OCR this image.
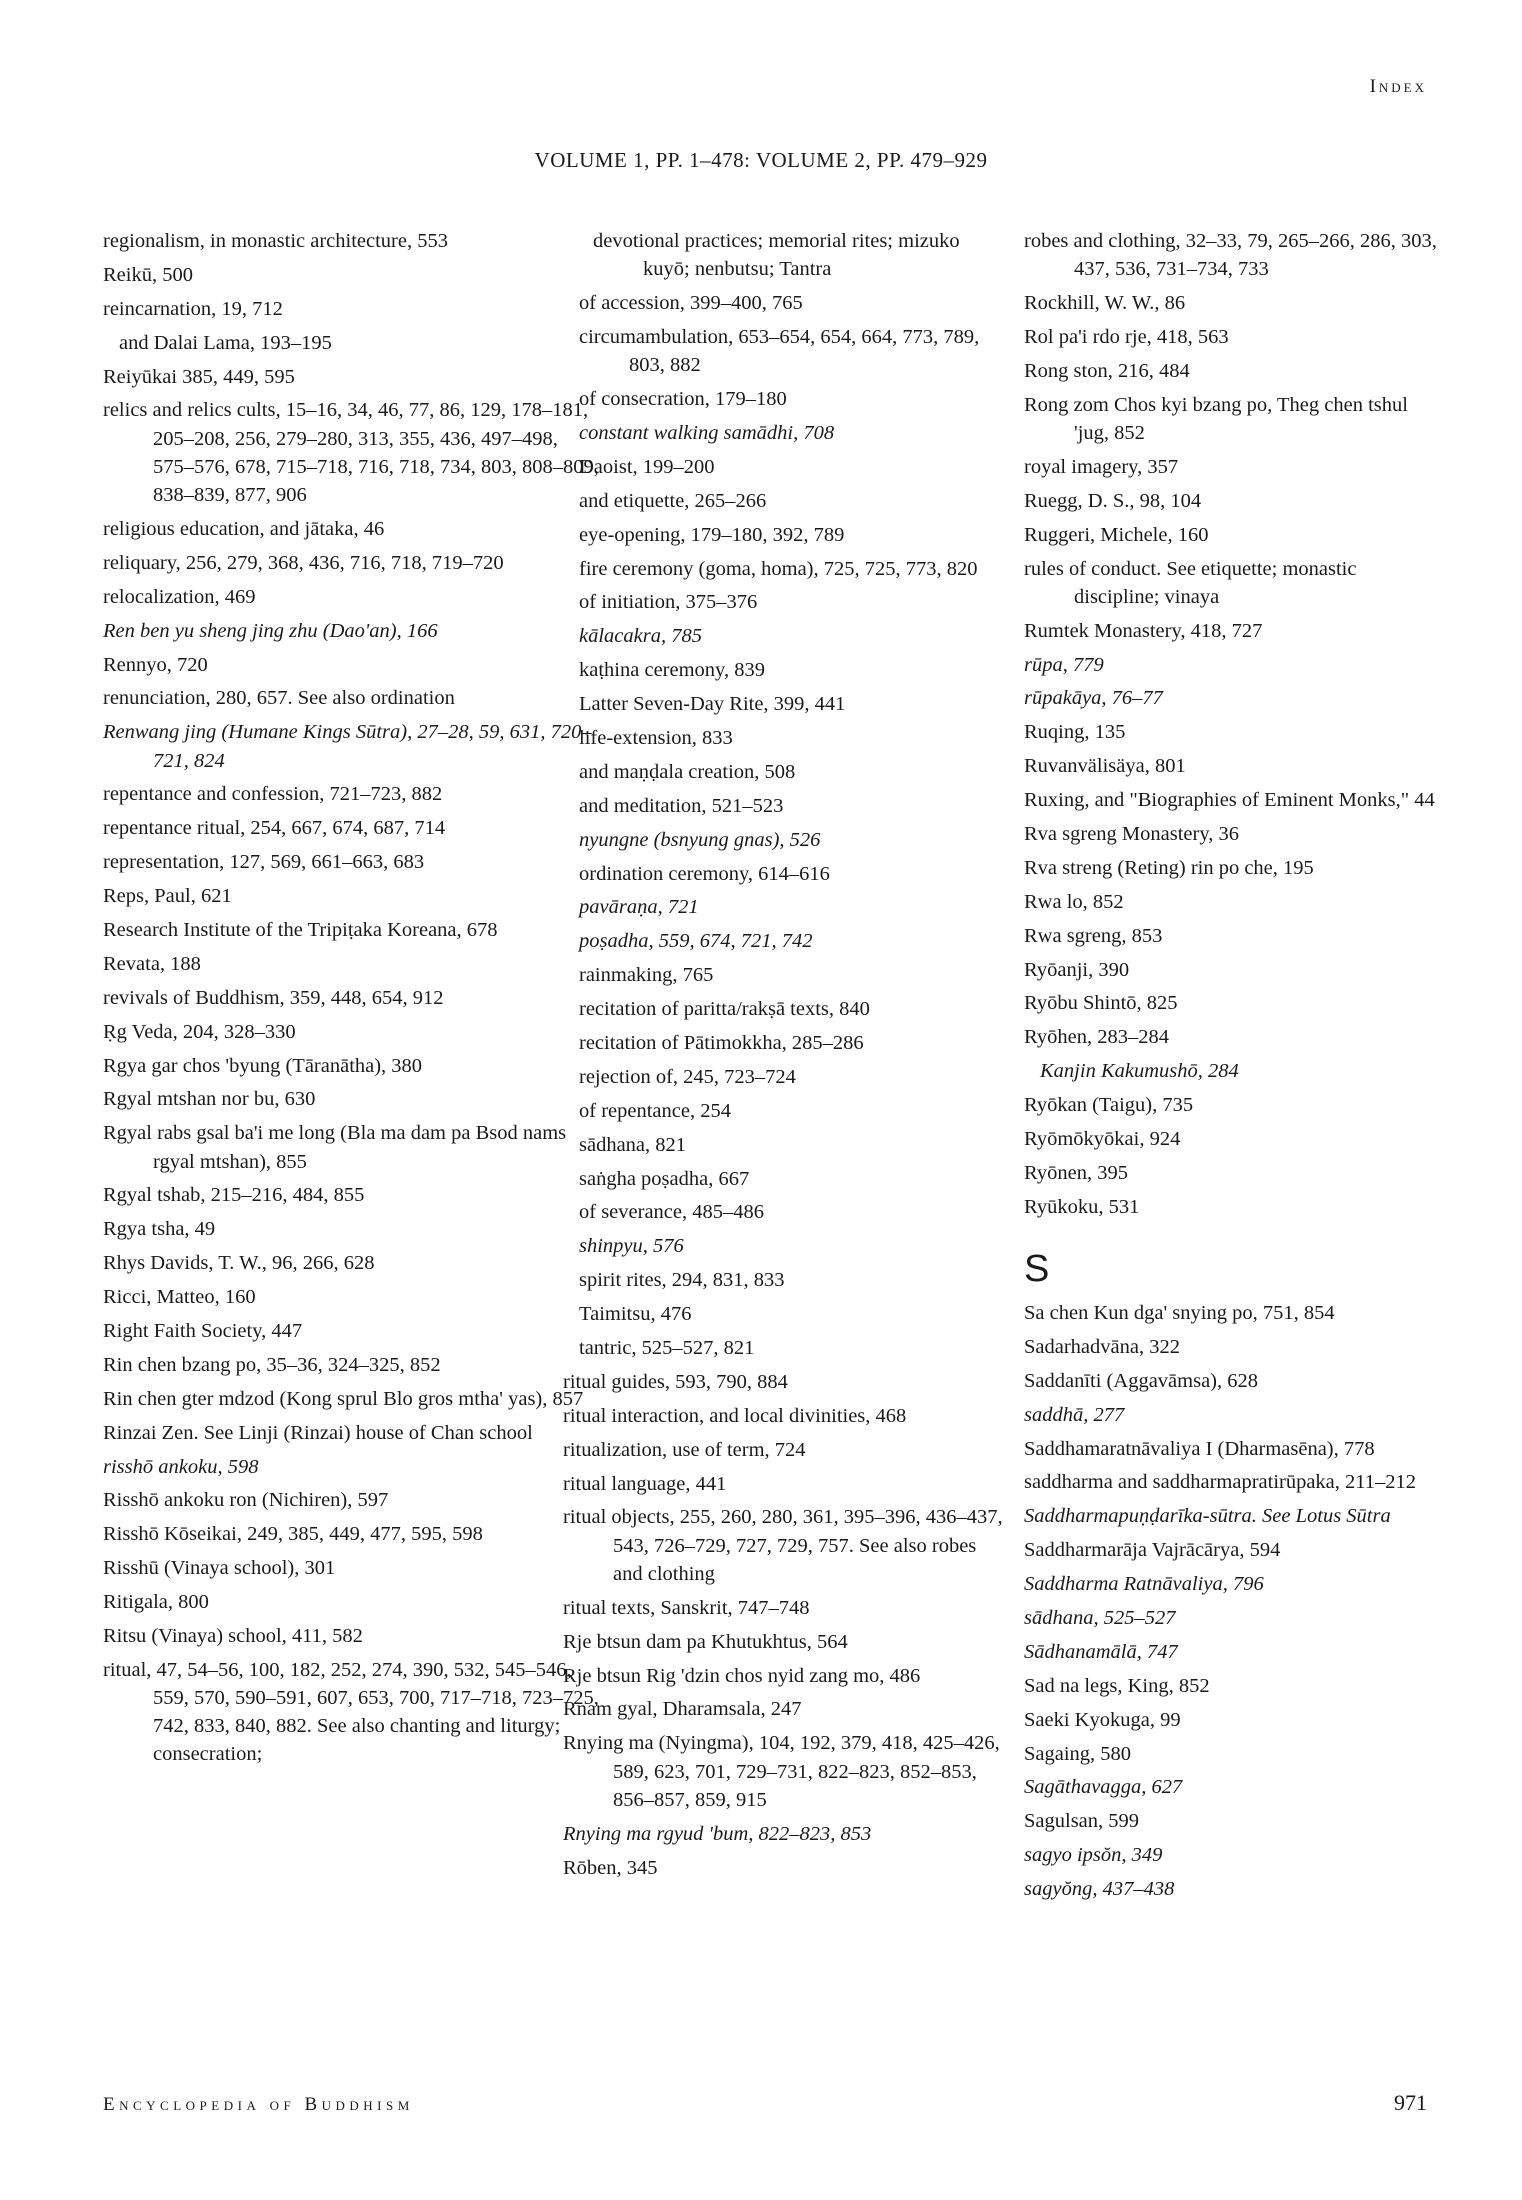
Index
VOLUME 1, PP. 1–478: VOLUME 2, PP. 479–929
regionalism, in monastic architecture, 553
Reikū, 500
reincarnation, 19, 712
and Dalai Lama, 193–195
Reiyūkai 385, 449, 595
relics and relics cults, 15–16, 34, 46, 77, 86, 129, 178–181, 205–208, 256, 279–280, 313, 355, 436, 497–498, 575–576, 678, 715–718, 716, 718, 734, 803, 808–809, 838–839, 877, 906
religious education, and jātaka, 46
reliquary, 256, 279, 368, 436, 716, 718, 719–720
relocalization, 469
Ren ben yu sheng jing zhu (Dao'an), 166
Rennyo, 720
renunciation, 280, 657. See also ordination
Renwang jing (Humane Kings Sūtra), 27–28, 59, 631, 720–721, 824
repentance and confession, 721–723, 882
repentance ritual, 254, 667, 674, 687, 714
representation, 127, 569, 661–663, 683
Reps, Paul, 621
Research Institute of the Tripiṭaka Koreana, 678
Revata, 188
revivals of Buddhism, 359, 448, 654, 912
Ṛg Veda, 204, 328–330
Rgya gar chos 'byung (Tāranātha), 380
Rgyal mtshan nor bu, 630
Rgyal rabs gsal ba'i me long (Bla ma dam pa Bsod nams rgyal mtshan), 855
Rgyal tshab, 215–216, 484, 855
Rgya tsha, 49
Rhys Davids, T. W., 96, 266, 628
Ricci, Matteo, 160
Right Faith Society, 447
Rin chen bzang po, 35–36, 324–325, 852
Rin chen gter mdzod (Kong sprul Blo gros mtha' yas), 857
Rinzai Zen. See Linji (Rinzai) house of Chan school
risshō ankoku, 598
Risshō ankoku ron (Nichiren), 597
Risshō Kōseikai, 249, 385, 449, 477, 595, 598
Risshū (Vinaya school), 301
Ritigala, 800
Ritsu (Vinaya) school, 411, 582
ritual, 47, 54–56, 100, 182, 252, 274, 390, 532, 545–546, 559, 570, 590–591, 607, 653, 700, 717–718, 723–725, 742, 833, 840, 882. See also chanting and liturgy; consecration;
devotional practices; memorial rites; mizuko kuyō; nenbutsu; Tantra
of accession, 399–400, 765
circumambulation, 653–654, 654, 664, 773, 789, 803, 882
of consecration, 179–180
constant walking samādhi, 708
Daoist, 199–200
and etiquette, 265–266
eye-opening, 179–180, 392, 789
fire ceremony (goma, homa), 725, 725, 773, 820
of initiation, 375–376
kālacakra, 785
kaṭhina ceremony, 839
Latter Seven-Day Rite, 399, 441
life-extension, 833
and maṇḍala creation, 508
and meditation, 521–523
nyungne (bsnyung gnas), 526
ordination ceremony, 614–616
pavāraṇa, 721
poṣadha, 559, 674, 721, 742
rainmaking, 765
recitation of paritta/rakṣā texts, 840
recitation of Pātimokkha, 285–286
rejection of, 245, 723–724
of repentance, 254
sādhana, 821
saṅgha poṣadha, 667
of severance, 485–486
shinpyu, 576
spirit rites, 294, 831, 833
Taimitsu, 476
tantric, 525–527, 821
ritual guides, 593, 790, 884
ritual interaction, and local divinities, 468
ritualization, use of term, 724
ritual language, 441
ritual objects, 255, 260, 280, 361, 395–396, 436–437, 543, 726–729, 727, 729, 757. See also robes and clothing
ritual texts, Sanskrit, 747–748
Rje btsun dam pa Khutukhtus, 564
Rje btsun Rig 'dzin chos nyid zang mo, 486
Rnam gyal, Dharamsala, 247
Rnying ma (Nyingma), 104, 192, 379, 418, 425–426, 589, 623, 701, 729–731, 822–823, 852–853, 856–857, 859, 915
Rnying ma rgyud 'bum, 822–823, 853
Rōben, 345
robes and clothing, 32–33, 79, 265–266, 286, 303, 437, 536, 731–734, 733
Rockhill, W. W., 86
Rol pa'i rdo rje, 418, 563
Rong ston, 216, 484
Rong zom Chos kyi bzang po, Theg chen tshul 'jug, 852
royal imagery, 357
Ruegg, D. S., 98, 104
Ruggeri, Michele, 160
rules of conduct. See etiquette; monastic discipline; vinaya
Rumtek Monastery, 418, 727
rūpa, 779
rūpakāya, 76–77
Ruqing, 135
Ruvanvälisäya, 801
Ruxing, and "Biographies of Eminent Monks," 44
Rva sgreng Monastery, 36
Rva streng (Reting) rin po che, 195
Rwa lo, 852
Rwa sgreng, 853
Ryōanji, 390
Ryōbu Shintō, 825
Ryōhen, 283–284
Kanjin Kakumushō, 284
Ryōkan (Taigu), 735
Ryōmōkyōkai, 924
Ryōnen, 395
Ryūkoku, 531
S
Sa chen Kun dga' snying po, 751, 854
Sadarhadvāna, 322
Saddanīti (Aggavāmsa), 628
saddhā, 277
Saddhamaratnāvaliya I (Dharmasēna), 778
saddharma and saddharmapratirūpaka, 211–212
Saddharmapuṇḍarīka-sūtra. See Lotus Sūtra
Saddharmarāja Vajrācārya, 594
Saddharma Ratnāvaliya, 796
sādhana, 525–527
Sādhanamālā, 747
Sad na legs, King, 852
Saeki Kyokuga, 99
Sagaing, 580
Sagāthavagga, 627
Sagulsan, 599
sagyo ipsŏn, 349
sagyŏng, 437–438
Encyclopedia of Buddhism	971
